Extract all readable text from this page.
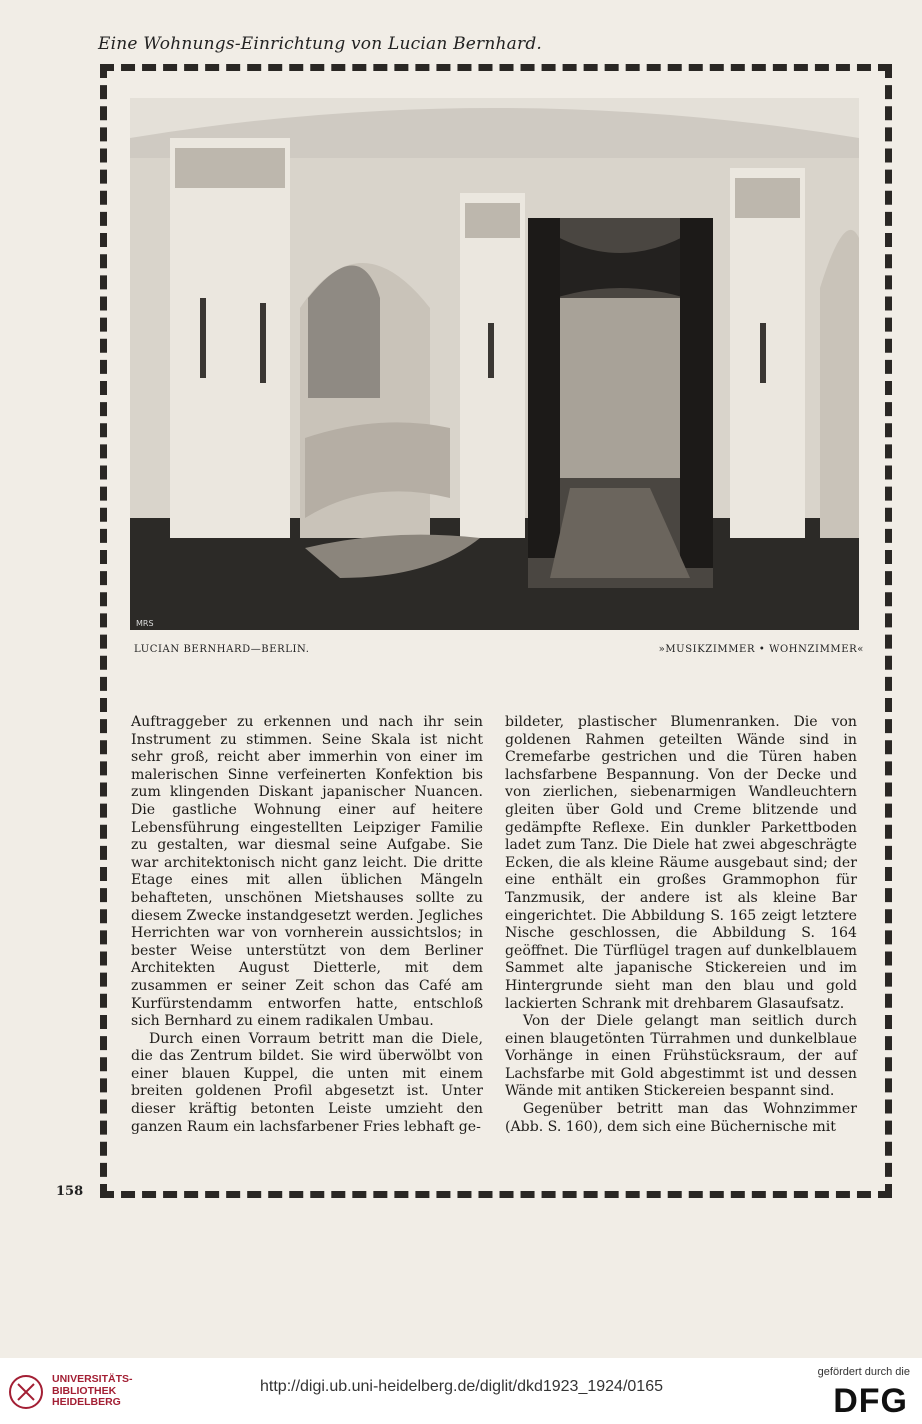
Eine Wohnungs-Einrichtung von Lucian Bernhard.
MRS
LUCIAN BERNHARD—BERLIN.	»MUSIKZIMMER • WOHNZIMMER«

Auftraggeber zu erkennen und nach ihr sein Instrument zu stimmen. Seine Skala ist nicht sehr groß, reicht aber immerhin von einer im malerischen Sinne verfeinerten Konfektion bis zum klingenden Diskant japanischer Nuancen. Die gastliche Wohnung einer auf heitere Lebensführung eingestellten Leipziger Familie zu gestalten, war diesmal seine Aufgabe. Sie war architektonisch nicht ganz leicht. Die dritte Etage eines mit allen üblichen Mängeln behafteten, unschönen Mietshauses sollte zu diesem Zwecke instandgesetzt werden. Jegliches Herrichten war von vornherein aussichtslos; in bester Weise unterstützt von dem Berliner Architekten August Dietterle, mit dem zusammen er seiner Zeit schon das Café am Kurfürstendamm entworfen hatte, entschloß sich Bernhard zu einem radikalen Umbau.

Durch einen Vorraum betritt man die Diele, die das Zentrum bildet. Sie wird überwölbt von einer blauen Kuppel, die unten mit einem breiten goldenen Profil abgesetzt ist. Unter dieser kräftig betonten Leiste umzieht den ganzen Raum ein lachsfarbener Fries lebhaft ge-

bildeter, plastischer Blumenranken. Die von goldenen Rahmen geteilten Wände sind in Cremefarbe gestrichen und die Türen haben lachsfarbene Bespannung. Von der Decke und von zierlichen, siebenarmigen Wandleuchtern gleiten über Gold und Creme blitzende und gedämpfte Reflexe. Ein dunkler Parkettboden ladet zum Tanz. Die Diele hat zwei abgeschrägte Ecken, die als kleine Räume ausgebaut sind; der eine enthält ein großes Grammophon für Tanzmusik, der andere ist als kleine Bar eingerichtet. Die Abbildung S. 165 zeigt letztere Nische geschlossen, die Abbildung S. 164 geöffnet. Die Türflügel tragen auf dunkelblauem Sammet alte japanische Stickereien und im Hintergrunde sieht man den blau und gold lackierten Schrank mit drehbarem Glasaufsatz.

Von der Diele gelangt man seitlich durch einen blaugetönten Türrahmen und dunkelblaue Vorhänge in einen Frühstücksraum, der auf Lachsfarbe mit Gold abgestimmt ist und dessen Wände mit antiken Stickereien bespannt sind.

Gegenüber betritt man das Wohnzimmer (Abb. S. 160), dem sich eine Büchernische mit

158
UNIVERSITÄTS-
BIBLIOTHEK
HEIDELBERG
http://digi.ub.uni-heidelberg.de/diglit/dkd1923_1924/0165
gefördert durch die
DFG
